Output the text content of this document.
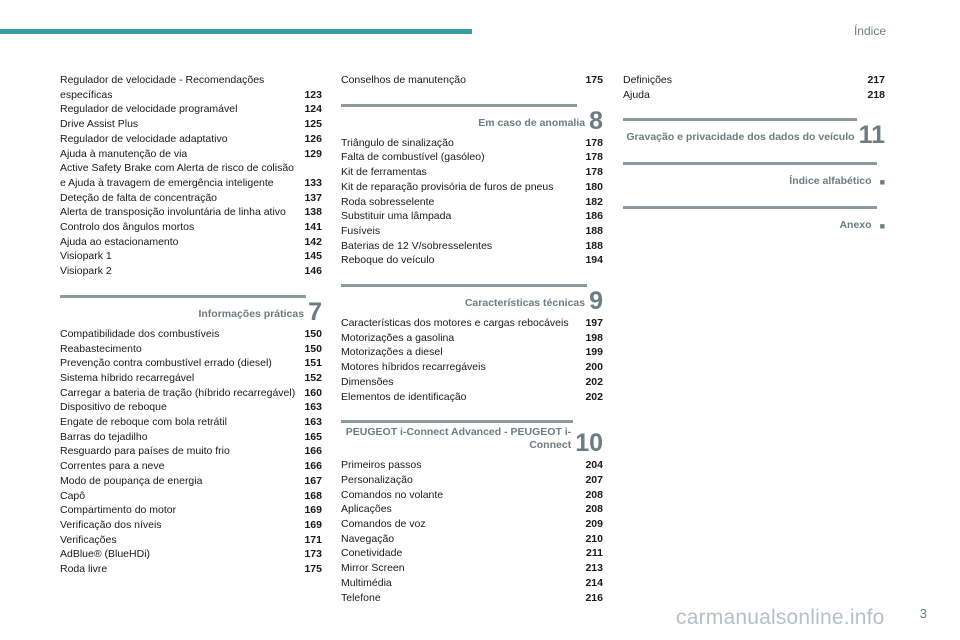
Índice
Regulador de velocidade - Recomendações específicas	123
Regulador de velocidade programável	124
Drive Assist Plus	125
Regulador de velocidade adaptativo	126
Ajuda à manutenção de via	129
Active Safety Brake com Alerta de risco de colisão e Ajuda à travagem de emergência inteligente	133
Deteção de falta de concentração	137
Alerta de transposição involuntária de linha ativo	138
Controlo dos ângulos mortos	141
Ajuda ao estacionamento	142
Visiopark 1	145
Visiopark 2	146
Informações práticas 7
Compatibilidade dos combustíveis	150
Reabastecimento	150
Prevenção contra combustível errado (diesel)	151
Sistema híbrido recarregável	152
Carregar a bateria de tração (híbrido recarregável) 160
Dispositivo de reboque	163
Engate de reboque com bola retrátil	163
Barras do tejadilho	165
Resguardo para países de muito frio	166
Correntes para a neve	166
Modo de poupança de energia	167
Capô	168
Compartimento do motor	169
Verificação dos níveis	169
Verificações	171
AdBlue® (BlueHDi)	173
Roda livre	175
Conselhos de manutenção	175
Em caso de anomalia 8
Triângulo de sinalização	178
Falta de combustível (gasóleo)	178
Kit de ferramentas	178
Kit de reparação provisória de furos de pneus	180
Roda sobresselente	182
Substituir uma lâmpada	186
Fusíveis	188
Baterias de 12 V/sobresselentes	188
Reboque do veículo	194
Características técnicas 9
Características dos motores e cargas rebocáveis	197
Motorizações a gasolina	198
Motorizações a diesel	199
Motores híbridos recarregáveis	200
Dimensões	202
Elementos de identificação	202
PEUGEOT i-Connect Advanced - PEUGEOT i-Connect 10
Primeiros passos	204
Personalização	207
Comandos no volante	208
Aplicações	208
Comandos de voz	209
Navegação	210
Conetividade	211
Mirror Screen	213
Multimédia	214
Telefone	216
Definições	217
Ajuda	218
Gravação e privacidade dos dados do veículo 11
Índice alfabético ■
Anexo ■
carmanualsonline.info	3
